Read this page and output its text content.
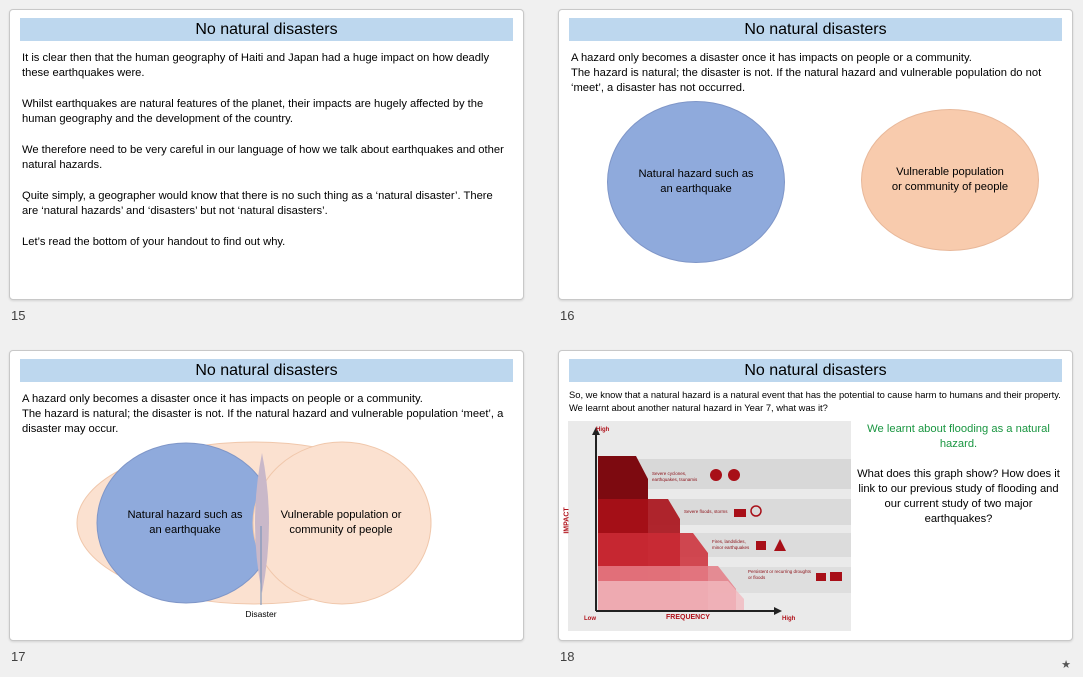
No natural disasters

It is clear then that the human geography of Haiti and Japan had a huge impact on how deadly these earthquakes were.

Whilst earthquakes are natural features of the planet, their impacts are hugely affected by the human geography and the development of the country.

We therefore need to be very careful in our language of how we talk about earthquakes and other natural hazards.

Quite simply, a geographer would know that there is no such thing as a ‘natural disaster’. There are ‘natural hazards’ and ‘disasters’ but not ‘natural disasters’.

Let’s read the bottom of your handout to find out why.

15
No natural disasters
A hazard only becomes a disaster once it has impacts on people or a community.
The hazard is natural; the disaster is not. If the natural hazard and vulnerable population do not ‘meet’, a disaster has not occurred.
Natural hazard such as an earthquake
Vulnerable population or community of people
16
No natural disasters
A hazard only becomes a disaster once it has impacts on people or a community.
The hazard is natural; the disaster is not. If the natural hazard and vulnerable population ‘meet’, a disaster may occur.
Natural hazard such as an earthquake
Vulnerable population or community of people
Disaster
17
No natural disasters
So, we know that a natural hazard is a natural event that has the potential to cause harm to humans and their property. We learnt about another natural hazard in Year 7, what was it?
High
IMPACT
Low	FREQUENCY	High
Severe cyclones, earthquakes, tsunamis
Severe floods, storms
Fires, landslides, minor earthquakes
Persistent or recurring droughts or floods
We learnt about flooding as a natural hazard.
What does this graph show? How does it link to our previous study of flooding and our current study of two major earthquakes?
18
★
